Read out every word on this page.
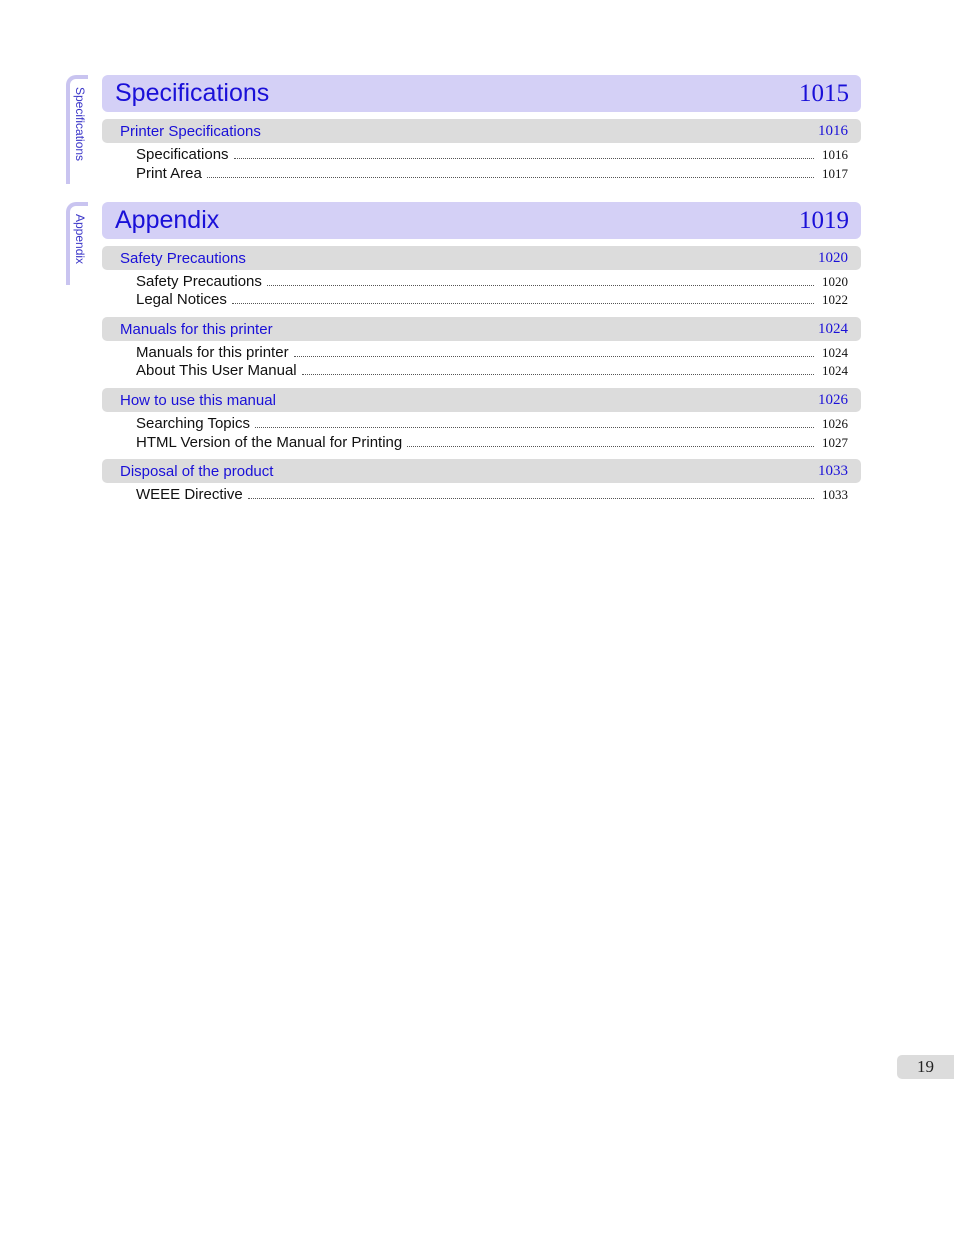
Specifications
Appendix
Specifications	1015
Printer Specifications	1016
Specifications	1016
Print Area	1017
Appendix	1019
Safety Precautions	1020
Safety Precautions	1020
Legal Notices	1022
Manuals for this printer	1024
Manuals for this printer	1024
About This User Manual	1024
How to use this manual	1026
Searching Topics	1026
HTML Version of the Manual for Printing	1027
Disposal of the product	1033
WEEE Directive	1033
19
